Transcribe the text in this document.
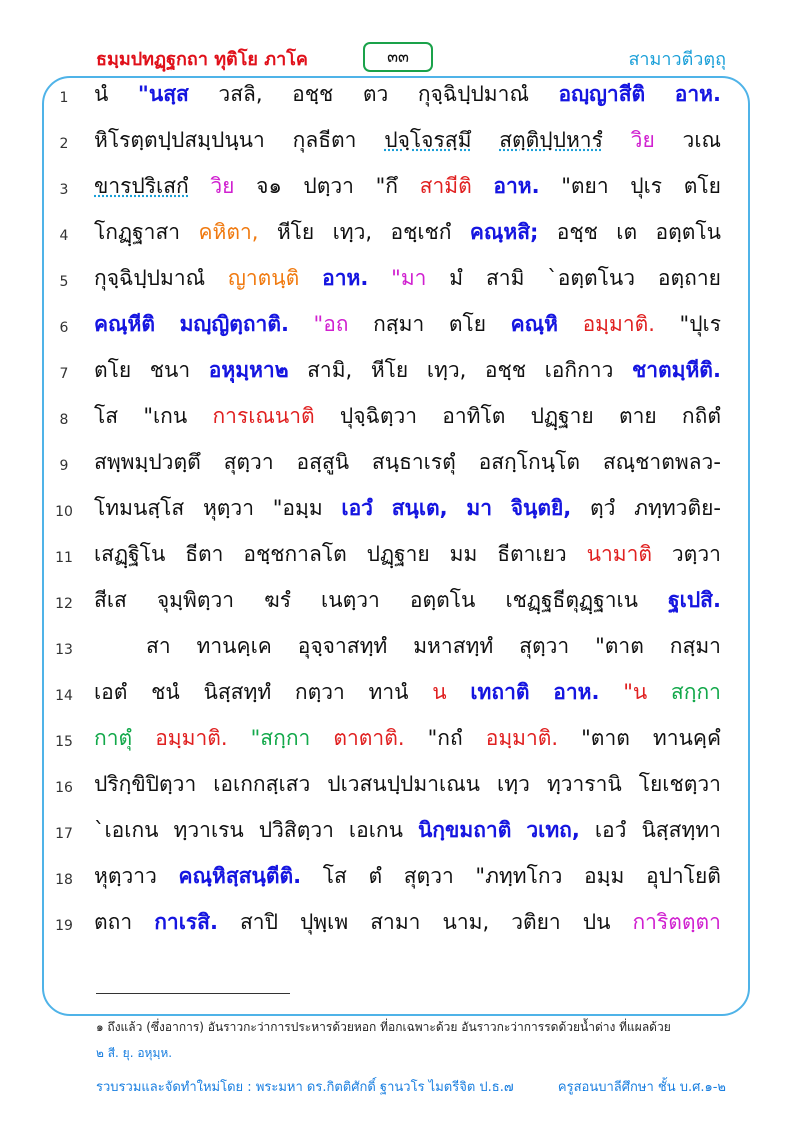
ธมฺมปทฏฺฐกถา ทุติโย ภาโค	๓๓	สามาวตีวตฺถุ
1	นํ "นสฺส วสลิ, อชฺช ตว กุจฺฉิปฺปมาณํ อญฺญาสีติ อาห.
2	หิโรตฺตปฺปสมฺปนฺนา กุลธีตา ปจฺโจรสฺมึ สตฺติปฺปหารํ วิย วเณ
3	ขารปริเสกํ วิย จ๑ ปตฺวา "กึ สามีติ อาห. "ตยา ปุเร ตโย
4	โกฏฺฐาสา คหิตา, หีโย เทฺว, อชฺเชกํ คณฺหสิ; อชฺช เต อตฺตโน
5	กุจฺฉิปฺปมาณํ ญาตนฺติ อาห. "มา มํ สามิ `อตฺตโนว อตฺถาย
6	คณฺหีติ มญฺญิตฺถาติ. "อถ กสฺมา ตโย คณฺหิ อมฺมาติ. "ปุเร
7	ตโย ชนา อหุมฺหา๒ สามิ, หีโย เทฺว, อชฺช เอกิกาว ชาตมฺหีติ.
8	โส "เกน การเณนาติ ปุจฺฉิตฺวา อาทิโต ปฏฺฐาย ตาย กถิตํ
9	สพฺพมฺปวตฺตึ สุตฺวา อสฺสูนิ สนฺธาเรตุํ อสกฺโกนฺโต สณฺชาตพลว-
10 โทมนสฺโส หุตฺวา "อมฺม เอวํ สนฺเต, มา จินฺตยิ, ตฺวํ ภทฺทวติย-
11 เสฏฺฐิโน ธีตา อชฺชกาลโต ปฏฺฐาย มม ธีตาเยว นามาติ วตฺวา
12 สีเส จุมฺพิตฺวา ฆรํ เนตฺวา อตฺตโน เชฏฺฐธีตุฏฺฐาเน ฐเปสิ.
13	สา ทานคฺเค อุจฺจาสทฺทํ มหาสทฺทํ สุตฺวา "ตาต กสฺมา
14 เอตํ ชนํ นิสฺสทฺทํ กตฺวา ทานํ น เทถาติ อาห. "น สกฺกา
15 กาตุํ อมฺมาติ. "สกฺกา ตาตาติ. "กถํ อมฺมาติ. "ตาต ทานคฺคํ
16 ปริกฺขิปิตฺวา เอเกกสฺเสว ปเวสนปฺปมาเณน เทฺว ทฺวารานิ โยเชตฺวา
17 `เอเกน ทฺวาเรน ปวิสิตฺวา เอเกน นิกฺขมถาติ วเทถ, เอวํ นิสฺสทฺทา
18 หุตฺวาว คณฺหิสฺสนฺตีติ. โส ตํ สุตฺวา "ภทฺทโกว อมฺม อุปาโยติ
19 ตถา กาเรสิ. สาปิ ปุพฺเพ สามา นาม, วติยา ปน การิตตฺตา
๑ ถึงแล้ว (ซึ่งอาการ) อันราวกะว่าการประหารด้วยหอก ที่อกเฉพาะด้วย อันราวกะว่าการรดด้วยน้ำด่าง ที่แผลด้วย
๒ สี. ยุ. อหุมฺห.
รวบรวมและจัดทำใหม่โดย : พระมหา ดร.กิตติศักดิ์ ฐานวโร ไมตรีจิต ป.ธ.๗	ครูสอนบาลีศึกษา ชั้น บ.ศ.๑-๒
